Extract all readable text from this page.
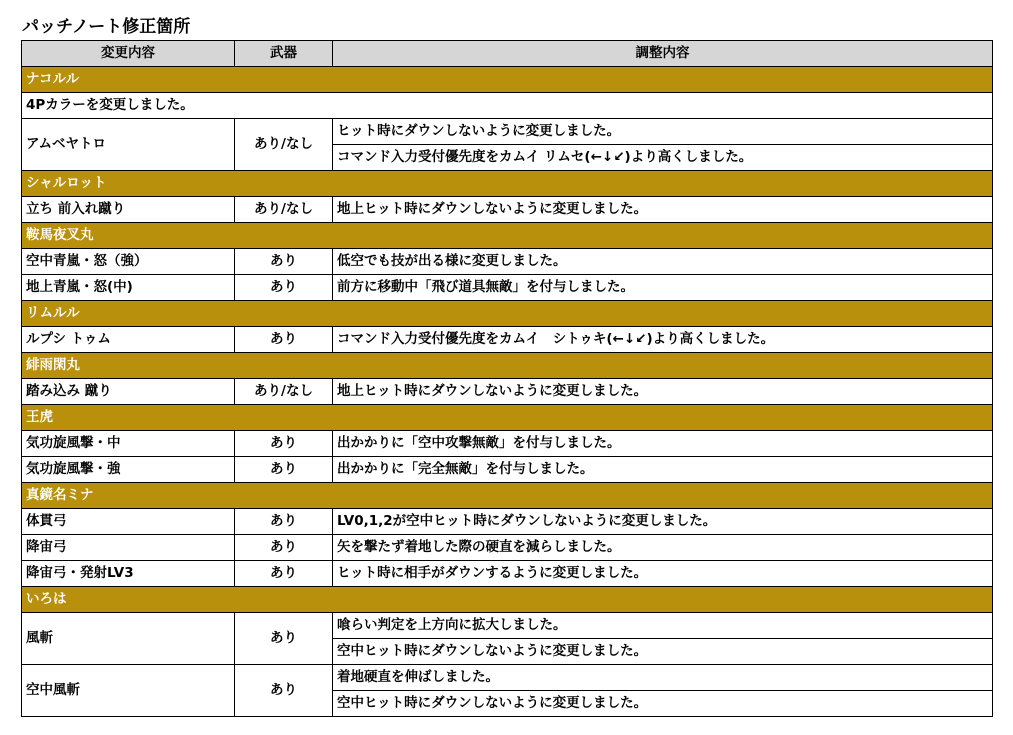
パッチノート修正箇所
変更内容	武器	調整内容
ナコルル		
4Pカラーを変更しました。		
アムベヤトロ	あり/なし	ヒット時にダウンしないように変更しました。
		コマンド入力受付優先度をカムイ リムセ(←↓↙)より高くしました。
シャルロット		
立ち 前入れ蹴り	あり/なし	地上ヒット時にダウンしないように変更しました。
鞍馬夜叉丸		
空中青嵐・怒（強）	あり	低空でも技が出る様に変更しました。
地上青嵐・怒(中)	あり	前方に移動中「飛び道具無敵」を付与しました。
リムルル		
ルプシ トゥム	あり	コマンド入力受付優先度をカムイ　シトゥキ(←↓↙)より高くしました。
緋雨閑丸		
踏み込み 蹴り	あり/なし	地上ヒット時にダウンしないように変更しました。
王虎		
気功旋風撃・中	あり	出かかりに「空中攻撃無敵」を付与しました。
気功旋風撃・強	あり	出かかりに「完全無敵」を付与しました。
真鏡名ミナ		
体貫弓	あり	LV0,1,2が空中ヒット時にダウンしないように変更しました。
降宙弓	あり	矢を撃たず着地した際の硬直を減らしました。
降宙弓・発射LV3	あり	ヒット時に相手がダウンするように変更しました。
いろは		
風斬	あり	喰らい判定を上方向に拡大しました。
		空中ヒット時にダウンしないように変更しました。
空中風斬	あり	着地硬直を伸ばしました。
		空中ヒット時にダウンしないように変更しました。
